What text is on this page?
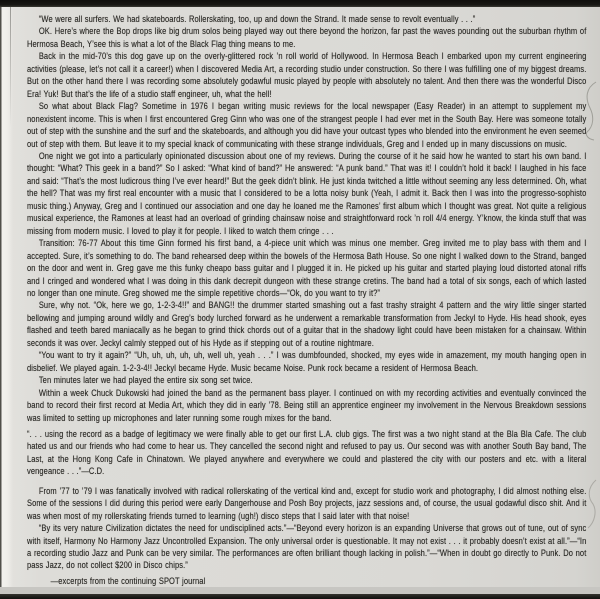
“We were all surfers. We had skateboards. Rollerskating, too, up and down the Strand. It made sense to revolt eventually . . .”

OK. Here’s where the Bop drops like big drum solos being played way out there beyond the horizon, far past the waves pounding out the suburban rhythm of Hermosa Beach, Y’see this is what a lot of the Black Flag thing means to me.

Back in the mid-70’s this dog gave up on the overly-glittered rock ’n roll world of Hollywood. In Hermosa Beach I embarked upon my current engineering activities (please, let’s not call it a career!) when I discovered Media Art, a recording studio under construction. So there I was fulfilling one of my biggest dreams. But on the other hand there I was recording some absolutely godawful music played by people with absolutely no talent. And then there was the wonderful Disco Era! Yuk! But that’s the life of a studio staff engineer, uh, what the hell!

So what about Black Flag? Sometime in 1976 I began writing music reviews for the local newspaper (Easy Reader) in an attempt to supplement my nonexistent income. This is when I first encountered Greg Ginn who was one of the strangest people I had ever met in the South Bay. Here was someone totally out of step with the sunshine and the surf and the skateboards, and although you did have your outcast types who blended into the environment he even seemed out of step with them. But leave it to my special knack of communicating with these strange individuals, Greg and I ended up in many discussions on music.

One night we got into a particularly opinionated discussion about one of my reviews. During the course of it he said how he wanted to start his own band. I thought: “What? This geek in a band?” So I asked: “What kind of band?” He answered: “A punk band.” That was it! I couldn’t hold it back! I laughed in his face and said: “That’s the most ludicrous thing I’ve ever heard!” But the geek didn’t blink. He just kinda twitched a little without seeming any less determined. Oh, what the hell? That was my first real encounter with a music that I considered to be a lotta noisy bunk (Yeah, I admit it. Back then I was into the progresso-sophisto music thing.) Anyway, Greg and I continued our association and one day he loaned me the Ramones’ first album which I thought was great. Not quite a religious musical experience, the Ramones at least had an overload of grinding chainsaw noise and straightforward rock ’n roll 4/4 energy. Y’know, the kinda stuff that was missing from modern music. I loved to play it for people. I liked to watch them cringe . . .

Transition: 76-77 About this time Ginn formed his first band, a 4-piece unit which was minus one member. Greg invited me to play bass with them and I accepted. Sure, it’s something to do. The band rehearsed deep within the bowels of the Hermosa Bath House. So one night I walked down to the Strand, banged on the door and went in. Greg gave me this funky cheapo bass guitar and I plugged it in. He picked up his guitar and started playing loud distorted atonal riffs and I cringed and wondered what I was doing in this dank decrepit dungeon with these strange cretins. The band had a total of six songs, each of which lasted no longer than one minute. Greg showed me the simple repetitive chords—“Ok, do you want to try it?”

Sure, why not. “Ok, here we go, 1-2-3-4!!” and BANG!! the drummer started smashing out a fast trashy straight 4 pattern and the wiry little singer started bellowing and jumping around wildly and Greg’s body lurched forward as he underwent a remarkable transformation from Jeckyl to Hyde. His head shook, eyes flashed and teeth bared maniacally as he began to grind thick chords out of a guitar that in the shadowy light could have been mistaken for a chainsaw. Within seconds it was over. Jeckyl calmly stepped out of his Hyde as if stepping out of a routine nightmare.

“You want to try it again?” “Uh, uh, uh, uh, uh, well uh, yeah . . .” I was dumbfounded, shocked, my eyes wide in amazement, my mouth hanging open in disbelief. We played again. 1-2-3-4!! Jeckyl became Hyde. Music became Noise. Punk rock became a resident of Hermosa Beach.

Ten minutes later we had played the entire six song set twice.

Within a week Chuck Dukowski had joined the band as the permanent bass player. I continued on with my recording activities and eventually convinced the band to record their first record at Media Art, which they did in early ’78. Being still an apprentice engineer my involvement in the Nervous Breakdown sessions was limited to setting up microphones and later running some rough mixes for the band.

“. . . using the record as a badge of legitimacy we were finally able to get our first L.A. club gigs. The first was a two night stand at the Bla Bla Cafe. The club hated us and our friends who had come to hear us. They cancelled the second night and refused to pay us. Our second was with another South Bay band, The Last, at the Hong Kong Cafe in Chinatown. We played anywhere and everywhere we could and plastered the city with our posters and etc. with a literal vengeance . . .”—C.D.

From ’77 to ’79 I was fanatically involved with radical rollerskating of the vertical kind and, except for studio work and photography, I did almost nothing else. Some of the sessions I did during this period were early Dangerhouse and Posh Boy projects, jazz sessions and, of course, the usual godawful disco shit. And it was when most of my rollerskating friends turned to learning (ugh!) disco steps that I said later with that noise!

“By its very nature Civilization dictates the need for undisciplined acts.”—“Beyond every horizon is an expanding Universe that grows out of tune, out of sync with itself, Harmony No Harmony Jazz Uncontrolled Expansion. The only universal order is questionable. It may not exist . . . it probably doesn’t exist at all.”—“In a recording studio Jazz and Punk can be very similar. The performances are often brilliant though lacking in polish.”—“When in doubt go directly to Punk. Do not pass Jazz, do not collect $200 in Disco chips.”

—excerpts from the continuing SPOT journal
